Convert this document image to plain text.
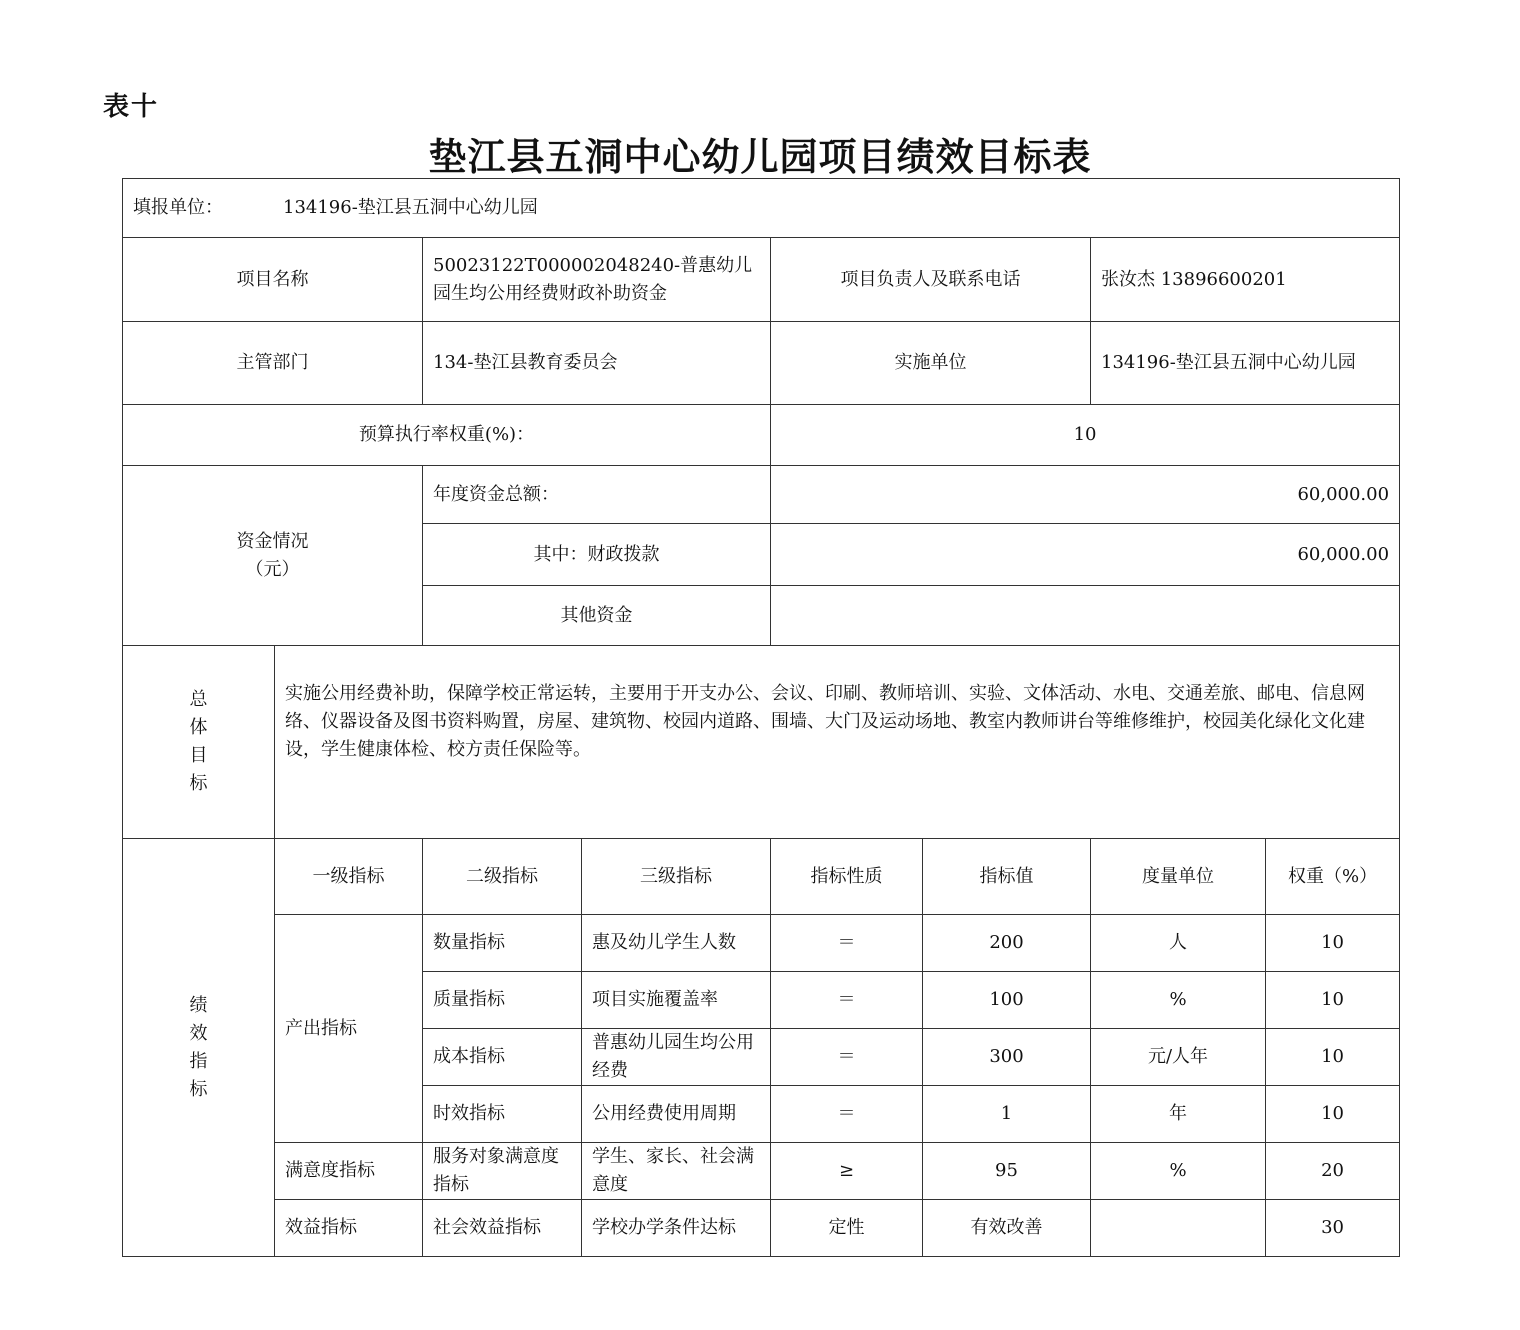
表十
垫江县五洞中心幼儿园项目绩效目标表
填报单位： 134196-垫江县五洞中心幼儿园							
项目名称		50023122T000002048240-普惠幼儿园生均公用经费财政补助资金		项目负责人及联系电话		张汝杰 13896600201	
主管部门		134-垫江县教育委员会		实施单位		134196-垫江县五洞中心幼儿园	
预算执行率权重(%)：				10			

资金情况
（元）		年度资金总额：		60,000.00			
		其中：财政拨款		60,000.00			
		其他资金					

总
体
目
标	实施公用经费补助，保障学校正常运转，主要用于开支办公、会议、印刷、教师培训、实验、文体活动、水电、交通差旅、邮电、信息网络、仪器设备及图书资料购置，房屋、建筑物、校园内道路、围墙、大门及运动场地、教室内教师讲台等维修维护，校园美化绿化文化建设，学生健康体检、校方责任保险等。						

绩
效
指
标	一级指标	二级指标	三级指标	指标性质	指标值	度量单位	权重（%）
	产出指标	数量指标	惠及幼儿学生人数	＝	200	人	10
		质量指标	项目实施覆盖率	＝	100	%	10
		成本指标	普惠幼儿园生均公用经费	＝	300	元/人年	10
		时效指标	公用经费使用周期	＝	1	年	10
	满意度指标	服务对象满意度指标	学生、家长、社会满意度	≥	95	%	20
	效益指标	社会效益指标	学校办学条件达标	定性	有效改善		30
